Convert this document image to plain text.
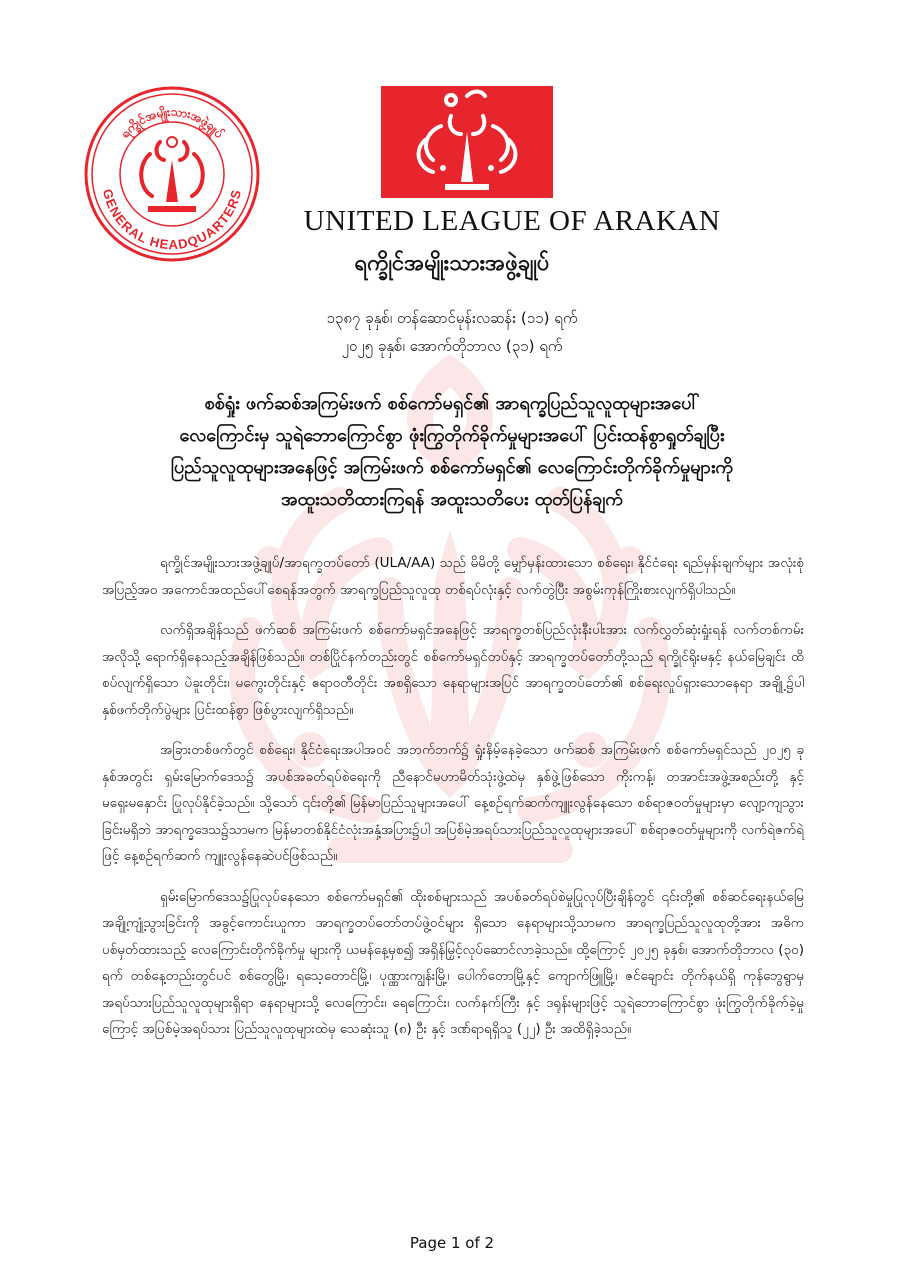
ရက္ခိုင်အမျိုးသားအဖွဲ့ချုပ်
GENERAL HEADQUARTERS
UNITED LEAGUE OF ARAKAN
ရက္ခိုင်အမျိုးသားအဖွဲ့ချုပ်
၁၃၈၇ ခုနှစ်၊ တန်ဆောင်မုန်းလဆန်း (၁၁) ရက်
၂၀၂၅ ခုနှစ်၊ အောက်တိုဘာလ (၃၁) ရက်
စစ်ရှုံး ဖက်ဆစ်အကြမ်းဖက် စစ်ကော်မရှင်၏ အာရက္ခပြည်သူလူထုများအပေါ်
လေကြောင်းမှ သူရဲဘောကြောင်စွာ ဖုံးကြွတိုက်ခိုက်မှုများအပေါ် ပြင်းထန်စွာရှုတ်ချပြီး
ပြည်သူလူထုများအနေဖြင့် အကြမ်းဖက် စစ်ကော်မရှင်၏ လေကြောင်းတိုက်ခိုက်မှုများကို
အထူးသတိထားကြရန် အထူးသတိပေး ထုတ်ပြန်ချက်

ရက္ခိုင်အမျိုးသားအဖွဲ့ချုပ်/အာရက္ခတပ်တော် (ULA/AA) သည် မိမိတို့ မျှော်မှန်းထားသော စစ်ရေး၊ နိုင်ငံရေး ရည်မှန်းချက်များ အလုံးစုံ အပြည့်အဝ အကောင်အထည်ပေါ်စေရန်အတွက် အာရက္ခပြည်သူလူထု တစ်ရပ်လုံးနှင့် လက်တွဲပြီး အစွမ်းကုန်ကြိုးစားလျက်ရှိပါသည်။

လက်ရှိအချိန်သည် ဖက်ဆစ် အကြမ်းဖက် စစ်ကော်မရှင်အနေဖြင့် အာရက္ခတစ်ပြည်လုံးနီးပါးအား လက်လွှတ်ဆုံးရှုံးရန် လက်တစ်ကမ်းအလိုသို့ ရောက်ရှိနေသည့်အချိန်ဖြစ်သည်။ တစ်ပြိုင်နက်တည်းတွင် စစ်ကော်မရှင်တပ်နှင့် အာရက္ခတပ်တော်တို့သည် ရက္ခိုင်ရိုးမနှင့် နယ်မြေချင်း ထိစပ်လျက်ရှိသော ပဲခူးတိုင်း၊ မကွေးတိုင်းနှင့် ဧရာဝတီတိုင်း အစရှိသော နေရာများအပြင် အာရက္ခတပ်တော်၏ စစ်ရေးလှုပ်ရှားသောနေရာ အချို့၌ပါ နှစ်ဖက်တိုက်ပွဲများ ပြင်းထန်စွာ ဖြစ်ပွားလျက်ရှိသည်။

အခြားတစ်ဖက်တွင် စစ်ရေး၊ နိုင်ငံရေးအပါအဝင် အဘက်ဘက်၌ ရှုံးနိမ့်နေခဲ့သော ဖက်ဆစ် အကြမ်းဖက် စစ်ကော်မရှင်သည် ၂၀၂၅ ခုနှစ်အတွင်း ရှမ်းမြောက်ဒေသ၌ အပစ်အခတ်ရပ်စဲရေးကို ညီနောင်မဟာမိတ်သုံးဖွဲ့ထဲမှ နှစ်ဖွဲ့ဖြစ်သော ကိုးကန့်၊ တအာင်းအဖွဲ့အစည်းတို့ နှင့် မရှေးမနှောင်း ပြုလုပ်နိုင်ခဲ့သည်။ သို့သော် ၎င်းတို့၏ မြန်မာပြည်သူများအပေါ် နေ့စဉ်ရက်ဆက်ကျူးလွန်နေသော စစ်ရာဇဝတ်မှုများမှာ လျော့ကျသွားခြင်းမရှိဘဲ အာရက္ခဒေသ၌သာမက မြန်မာတစ်နိုင်ငံလုံးအနှံ့အပြား၌ပါ အပြစ်မဲ့အရပ်သားပြည်သူလူထုများအပေါ် စစ်ရာဇဝတ်မှုများကို လက်ရဲဇက်ရဲဖြင့် နေ့စဉ်ရက်ဆက် ကျူးလွန်နေဆဲပင်ဖြစ်သည်။

ရှမ်းမြောက်ဒေသ၌ပြုလုပ်နေသော စစ်ကော်မရှင်၏ ထိုးစစ်များသည် အပစ်ခတ်ရပ်စဲမှုပြုလုပ်ပြီးချိန်တွင် ၎င်းတို့၏ စစ်ဆင်ရေးနယ်မြေအချို့ကျုံ့သွားခြင်းကို အခွင့်ကောင်းယူကာ အာရက္ခတပ်တော်တပ်ဖွဲ့ဝင်များ ရှိသော နေရာများသို့သာမက အာရက္ခပြည်သူလူထုတို့အား အဓိကပစ်မှတ်ထားသည့် လေကြောင်းတိုက်ခိုက်မှု များကို ယမန်နေ့မှစ၍ အရှိန်မြှင့်လုပ်ဆောင်လာခဲ့သည်။ ထို့ကြောင့် ၂၀၂၅ ခုနှစ်၊ အောက်တိုဘာလ (၃၀) ရက် တစ်နေ့တည်းတွင်ပင် စစ်တွေမြို့၊ ရသေ့တောင်မြို့၊ ပုဏ္ဏားကျွန်းမြို့၊ ပေါက်တောမြို့နှင့် ကျောက်ဖြူမြို့၊ ဇင်ချောင်း တိုက်နယ်ရှိ ကုန်ဘွေရွာမှ အရပ်သားပြည်သူလူထုများရှိရာ နေရာများသို့ လေကြောင်း၊ ရေကြောင်း၊ လက်နက်ကြီး နှင့် ဒရုန်းများဖြင့် သူရဲဘောကြောင်စွာ ဖုံးကြွတိုက်ခိုက်ခဲ့မှုကြောင့် အပြစ်မဲ့အရပ်သား ပြည်သူလူထုများထဲမှ သေဆုံးသူ (၈) ဦး နှင့် ဒဏ်ရာရရှိသူ (၂၂) ဦး အထိရှိခဲ့သည်။

Page 1 of 2
